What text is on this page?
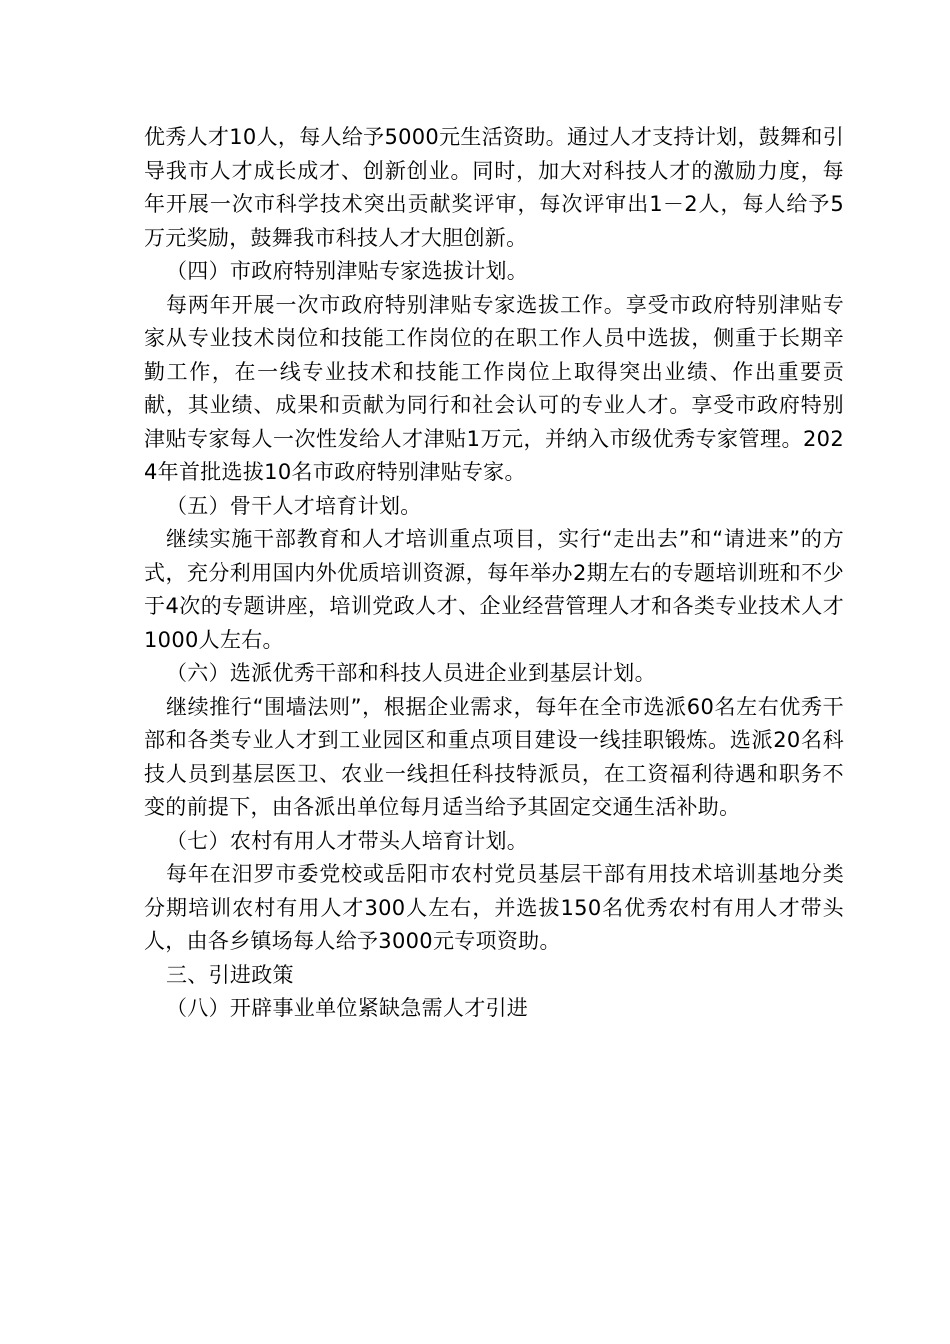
优秀人才10人，每人给予5000元生活资助。通过人才支持计划，鼓舞和引导我市人才成长成才、创新创业。同时，加大对科技人才的激励力度，每年开展一次市科学技术突出贡献奖评审，每次评审出1－2人，每人给予5万元奖励，鼓舞我市科技人才大胆创新。

（四）市政府特别津贴专家选拔计划。

每两年开展一次市政府特别津贴专家选拔工作。享受市政府特别津贴专家从专业技术岗位和技能工作岗位的在职工作人员中选拔，侧重于长期辛勤工作，在一线专业技术和技能工作岗位上取得突出业绩、作出重要贡献，其业绩、成果和贡献为同行和社会认可的专业人才。享受市政府特别津贴专家每人一次性发给人才津贴1万元，并纳入市级优秀专家管理。2024年首批选拔10名市政府特别津贴专家。

（五）骨干人才培育计划。

继续实施干部教育和人才培训重点项目，实行“走出去”和“请进来”的方式，充分利用国内外优质培训资源，每年举办2期左右的专题培训班和不少于4次的专题讲座，培训党政人才、企业经营管理人才和各类专业技术人才1000人左右。

（六）选派优秀干部和科技人员进企业到基层计划。

继续推行“围墙法则”，根据企业需求，每年在全市选派60名左右优秀干部和各类专业人才到工业园区和重点项目建设一线挂职锻炼。选派20名科技人员到基层医卫、农业一线担任科技特派员，在工资福利待遇和职务不变的前提下，由各派出单位每月适当给予其固定交通生活补助。

（七）农村有用人才带头人培育计划。

每年在汨罗市委党校或岳阳市农村党员基层干部有用技术培训基地分类分期培训农村有用人才300人左右，并选拔150名优秀农村有用人才带头人，由各乡镇场每人给予3000元专项资助。

三、引进政策

（八）开辟事业单位紧缺急需人才引进
